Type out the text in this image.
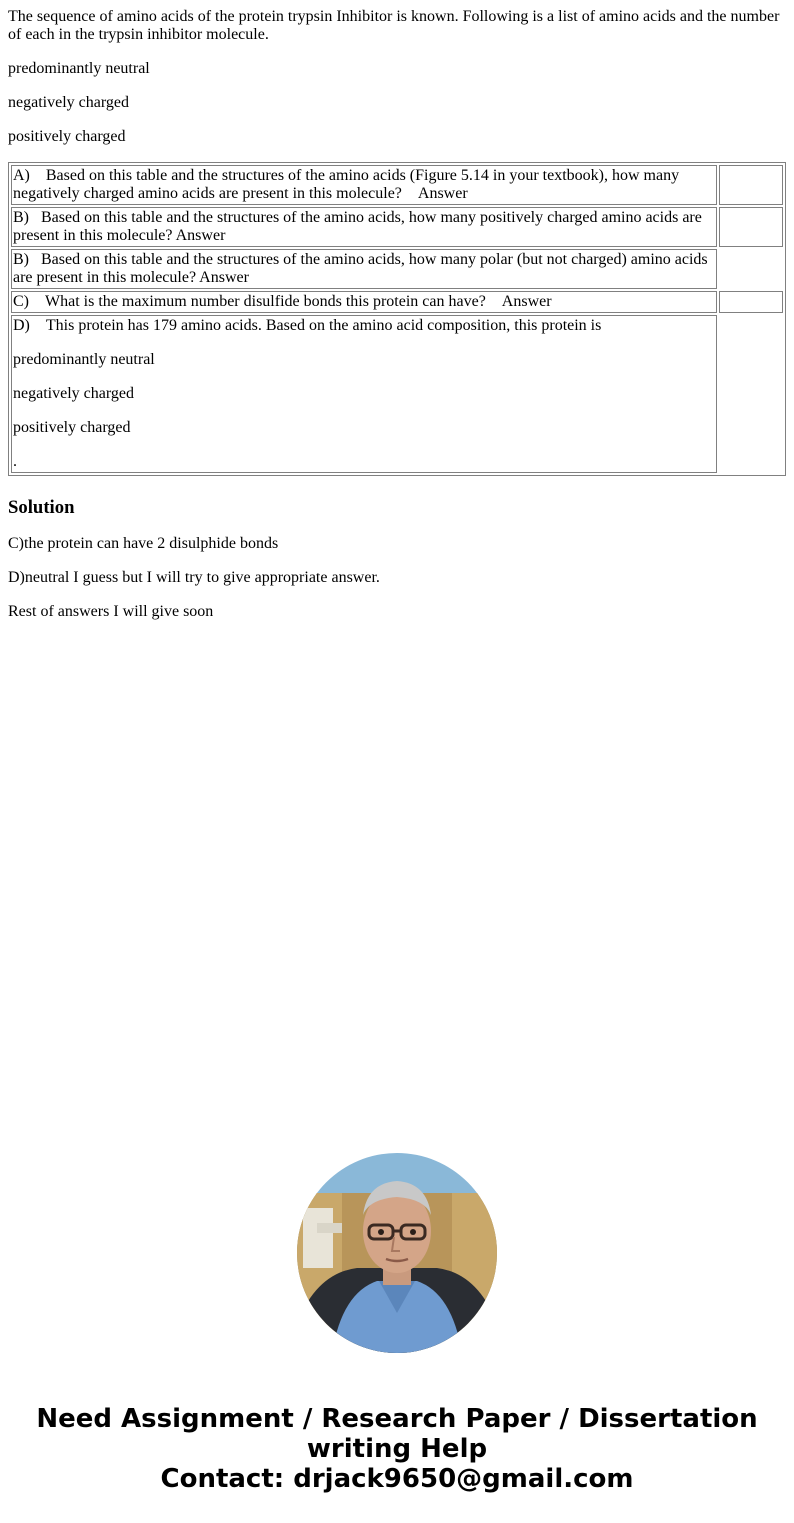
The sequence of amino acids of the protein trypsin Inhibitor is known. Following is a list of amino acids and the number of each in the trypsin inhibitor molecule.

predominantly neutral

negatively charged

positively charged

A)    Based on this table and the structures of the amino acids (Figure 5.14 in your textbook), how many negatively charged amino acids are present in this molecule?    Answer	
B)   Based on this table and the structures of the amino acids, how many positively charged amino acids are present in this molecule? Answer	
B)   Based on this table and the structures of the amino acids, how many polar (but not charged) amino acids are present in this molecule? Answer	
C)    What is the maximum number disulfide bonds this protein can have?    Answer	

D)    This protein has 179 amino acids. Based on the amino acid composition, this protein is

predominantly neutral

negatively charged

positively charged

.	

Solution

C)the protein can have 2 disulphide bonds

D)neutral I guess but I will try to give appropriate answer.

Rest of answers I will give soon

Need Assignment / Research Paper / Dissertation
writing Help
Contact: drjack9650@gmail.com
